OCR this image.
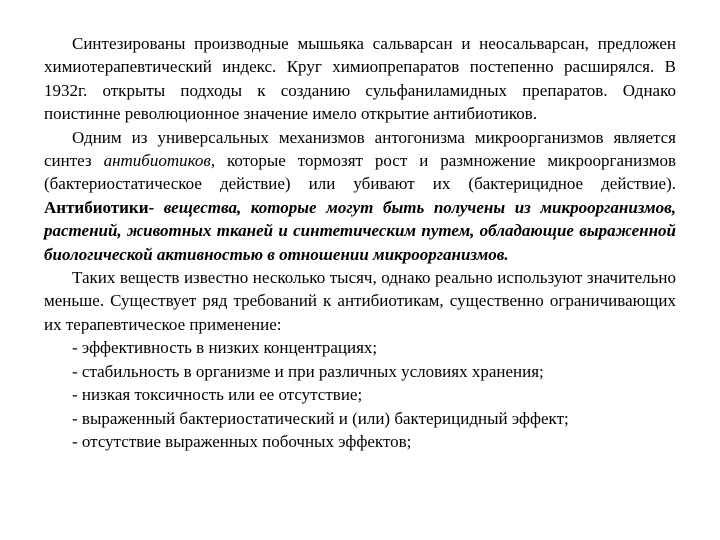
Синтезированы производные мышьяка сальварсан и неосальварсан, предложен химиотерапевтический индекс. Круг химиопрепаратов постепенно расширялся. В 1932г. открыты подходы к созданию сульфаниламидных препаратов. Однако поистинне революционное значение имело открытие антибиотиков.

Одним из универсальных механизмов антогонизма микроорганизмов является синтез антибиотиков, которые тормозят рост и размножение микроорганизмов (бактериостатическое действие) или убивают их (бактерицидное действие). Антибиотики- вещества, которые могут быть получены из микроорганизмов, растений, животных тканей и синтетическим путем, обладающие выраженной биологической активностью в отношении микроорганизмов.

Таких веществ известно несколько тысяч, однако реально используют значительно меньше. Существует ряд требований к антибиотикам, существенно ограничивающих их терапевтическое применение:

- эффективность в низких концентрациях;
- стабильность в организме и при различных условиях хранения;
- низкая токсичность или ее отсутствие;
- выраженный бактериостатический и (или) бактерицидный эффект;
- отсутствие выраженных побочных эффектов;
